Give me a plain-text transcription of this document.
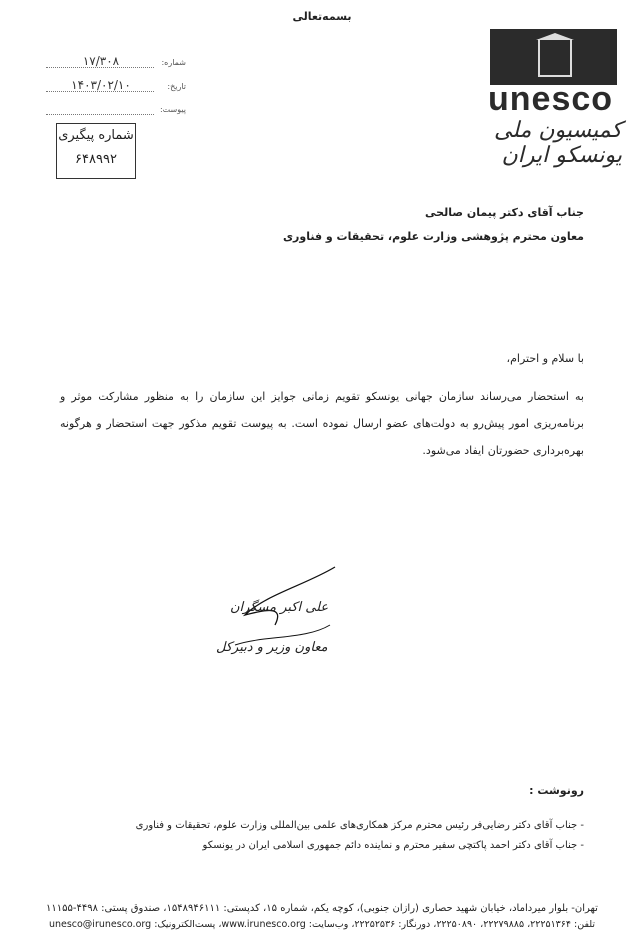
بسمه‌تعالی
شماره:
۱۷/۳۰۸
تاریخ:
۱۴۰۳/۰۲/۱۰
پیوست:
شماره پیگیری
۶۴۸۹۹۲
unesco
کمیسیون ملی یونسکو ایران
جناب آقای دکتر پیمان صالحی
معاون محترم پژوهشی وزارت علوم، تحقیقات و فناوری
با سلام و احترام،
به استحضار می‌رساند سازمان جهانی یونسکو تقویم زمانی جوایز این سازمان را به منظور مشارکت موثر و برنامه‌ریزی امور پیش‌رو به دولت‌های عضو ارسال نموده است. به پیوست تقویم مذکور جهت استحضار و هرگونه بهره‌برداری حضورتان ایفاد می‌شود.
علی اکبر مسگران
معاون وزیر و دبیرکل
رونوشت :
- جناب آقای دکتر رضایی‌فر رئیس محترم مرکز همکاری‌های علمی بین‌المللی وزارت علوم، تحقیقات و فناوری
- جناب آقای دکتر احمد پاکتچی سفیر محترم و نماینده دائم جمهوری اسلامی ایران در یونسکو
تهران- بلوار میرداماد، خیابان شهید حصاری (رازان جنوبی)، کوچه یکم، شماره ۱۵، کدپستی: ۱۵۴۸۹۴۶۱۱۱، صندوق پستی: ۴۴۹۸-۱۱۱۵۵
تلفن: ۲۲۲۵۱۳۶۴، ۲۲۲۷۹۸۸۵، ۲۲۲۵۰۸۹۰، دورنگار: ۲۲۲۵۲۵۳۶، وب‌سایت: www.irunesco.org، پست‌الکترونیک: unesco@irunesco.org
